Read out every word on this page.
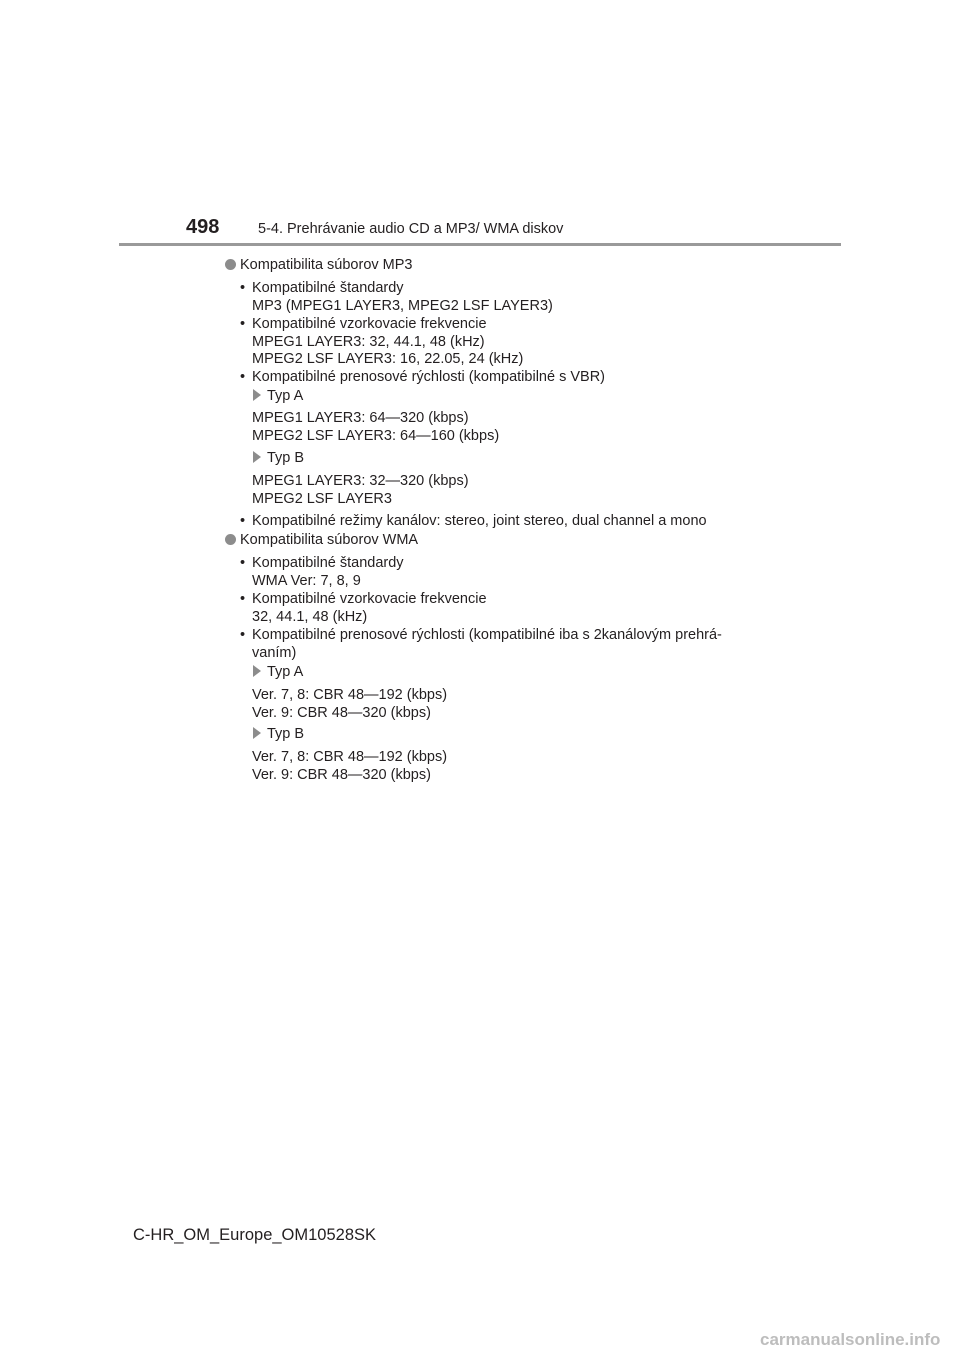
498	5-4. Prehrávanie audio CD a MP3/ WMA diskov
Kompatibilita súborov MP3
• Kompatibilné štandardy
MP3 (MPEG1 LAYER3, MPEG2 LSF LAYER3)
• Kompatibilné vzorkovacie frekvencie
MPEG1 LAYER3: 32, 44.1, 48 (kHz)
MPEG2 LSF LAYER3: 16, 22.05, 24 (kHz)
• Kompatibilné prenosové rýchlosti (kompatibilné s VBR)
Typ A
MPEG1 LAYER3: 64—320 (kbps)
MPEG2 LSF LAYER3: 64—160 (kbps)
Typ B
MPEG1 LAYER3: 32—320 (kbps)
MPEG2 LSF LAYER3
• Kompatibilné režimy kanálov: stereo, joint stereo, dual channel a mono
Kompatibilita súborov WMA
• Kompatibilné štandardy
WMA Ver: 7, 8, 9
• Kompatibilné vzorkovacie frekvencie
32, 44.1, 48 (kHz)
• Kompatibilné prenosové rýchlosti (kompatibilné iba s 2kanálovým prehrá-
vaním)
Typ A
Ver. 7, 8: CBR 48—192 (kbps)
Ver. 9: CBR 48—320 (kbps)
Typ B
Ver. 7, 8: CBR 48—192 (kbps)
Ver. 9: CBR 48—320 (kbps)
C-HR_OM_Europe_OM10528SK
carmanualsonline.info
